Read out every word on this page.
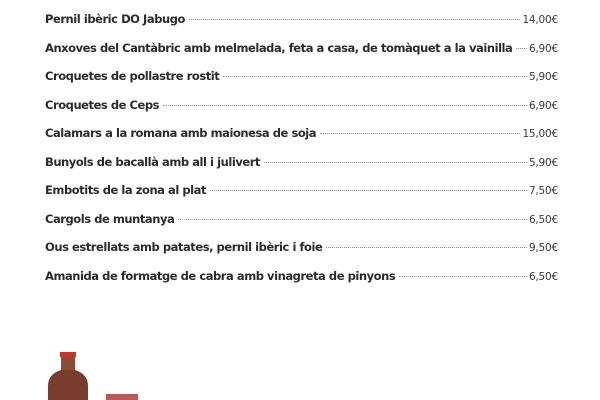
Pernil ibèric DO Jabugo	14,00€
Anxoves del Cantàbric amb melmelada, feta a casa, de tomàquet a la vainilla 6,90€
Croquetes de pollastre rostit	5,90€
Croquetes de Ceps	6,90€
Calamars a la romana amb maionesa de soja	15,00€
Bunyols de bacallà amb all i julivert	5,90€
Embotits de la zona al plat	7,50€
Cargols de muntanya	6,50€
Ous estrellats amb patates, pernil ibèric i foie	9,50€
Amanida de formatge de cabra amb vinagreta de pinyons	6,50€
